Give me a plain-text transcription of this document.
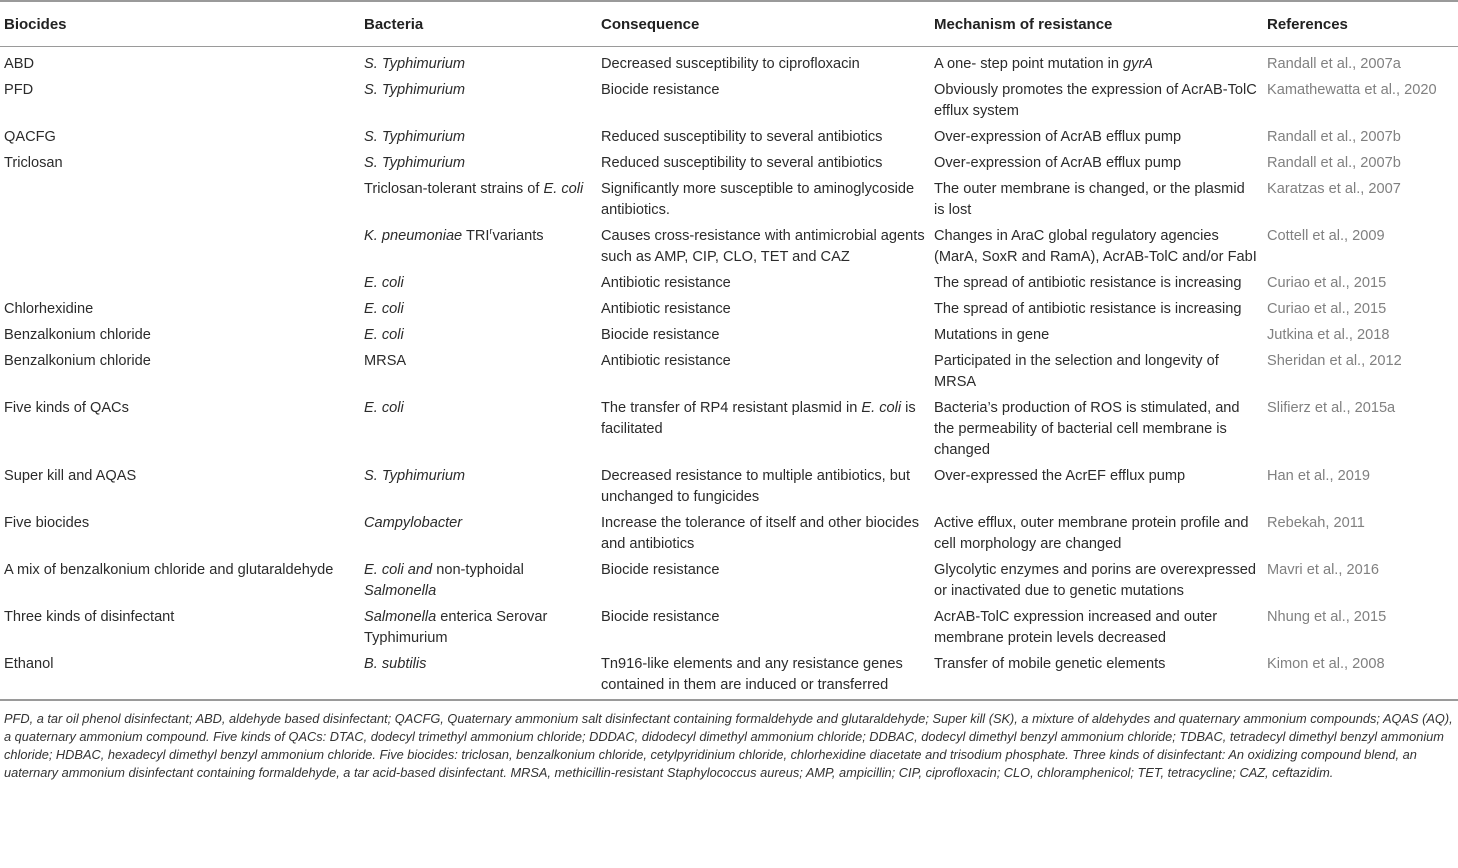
Biocides	Bacteria	Consequence	Mechanism of resistance	References
ABD	S. Typhimurium	Decreased susceptibility to ciprofloxacin	A one- step point mutation in gyrA	Randall et al., 2007a
PFD	S. Typhimurium	Biocide resistance	Obviously promotes the expression of AcrAB-TolC efflux system	Kamathewatta et al., 2020
QACFG	S. Typhimurium	Reduced susceptibility to several antibiotics	Over-expression of AcrAB efflux pump	Randall et al., 2007b
Triclosan	S. Typhimurium	Reduced susceptibility to several antibiotics	Over-expression of AcrAB efflux pump	Randall et al., 2007b
	Triclosan-tolerant strains of E. coli	Significantly more susceptible to aminoglycoside antibiotics.	The outer membrane is changed, or the plasmid is lost	Karatzas et al., 2007
	K. pneumoniae TRI$^r$variants	Causes cross-resistance with antimicrobial agents such as AMP, CIP, CLO, TET and CAZ	Changes in AraC global regulatory agencies (MarA, SoxR and RamA), AcrAB-TolC and/or FabI	Cottell et al., 2009
	E. coli	Antibiotic resistance	The spread of antibiotic resistance is increasing	Curiao et al., 2015
Chlorhexidine	E. coli	Antibiotic resistance	The spread of antibiotic resistance is increasing	Curiao et al., 2015
Benzalkonium chloride	E. coli	Biocide resistance	Mutations in gene	Jutkina et al., 2018
Benzalkonium chloride	MRSA	Antibiotic resistance	Participated in the selection and longevity of MRSA	Sheridan et al., 2012
Five kinds of QACs	E. coli	The transfer of RP4 resistant plasmid in E. coli is facilitated	Bacteria’s production of ROS is stimulated, and the permeability of bacterial cell membrane is changed	Slifierz et al., 2015a
Super kill and AQAS	S. Typhimurium	Decreased resistance to multiple antibiotics, but unchanged to fungicides	Over-expressed the AcrEF efflux pump	Han et al., 2019
Five biocides	Campylobacter	Increase the tolerance of itself and other biocides and antibiotics	Active efflux, outer membrane protein profile and cell morphology are changed	Rebekah, 2011
A mix of benzalkonium chloride and glutaraldehyde	E. coli and non-typhoidal Salmonella	Biocide resistance	Glycolytic enzymes and porins are overexpressed or inactivated due to genetic mutations	Mavri et al., 2016
Three kinds of disinfectant	Salmonella enterica Serovar Typhimurium	Biocide resistance	AcrAB-TolC expression increased and outer membrane protein levels decreased	Nhung et al., 2015
Ethanol	B. subtilis	Tn916-like elements and any resistance genes contained in them are induced or transferred	Transfer of mobile genetic elements	Kimon et al., 2008
PFD, a tar oil phenol disinfectant; ABD, aldehyde based disinfectant; QACFG, Quaternary ammonium salt disinfectant containing formaldehyde and glutaraldehyde; Super kill (SK), a mixture of aldehydes and quaternary ammonium compounds; AQAS (AQ), a quaternary ammonium compound. Five kinds of QACs: DTAC, dodecyl trimethyl ammonium chloride; DDDAC, didodecyl dimethyl ammonium chloride; DDBAC, dodecyl dimethyl benzyl ammonium chloride; TDBAC, tetradecyl dimethyl benzyl ammonium chloride; HDBAC, hexadecyl dimethyl benzyl ammonium chloride. Five biocides: triclosan, benzalkonium chloride, cetylpyridinium chloride, chlorhexidine diacetate and trisodium phosphate. Three kinds of disinfectant: An oxidizing compound blend, an uaternary ammonium disinfectant containing formaldehyde, a tar acid-based disinfectant. MRSA, methicillin-resistant Staphylococcus aureus; AMP, ampicillin; CIP, ciprofloxacin; CLO, chloramphenicol; TET, tetracycline; CAZ, ceftazidim.
